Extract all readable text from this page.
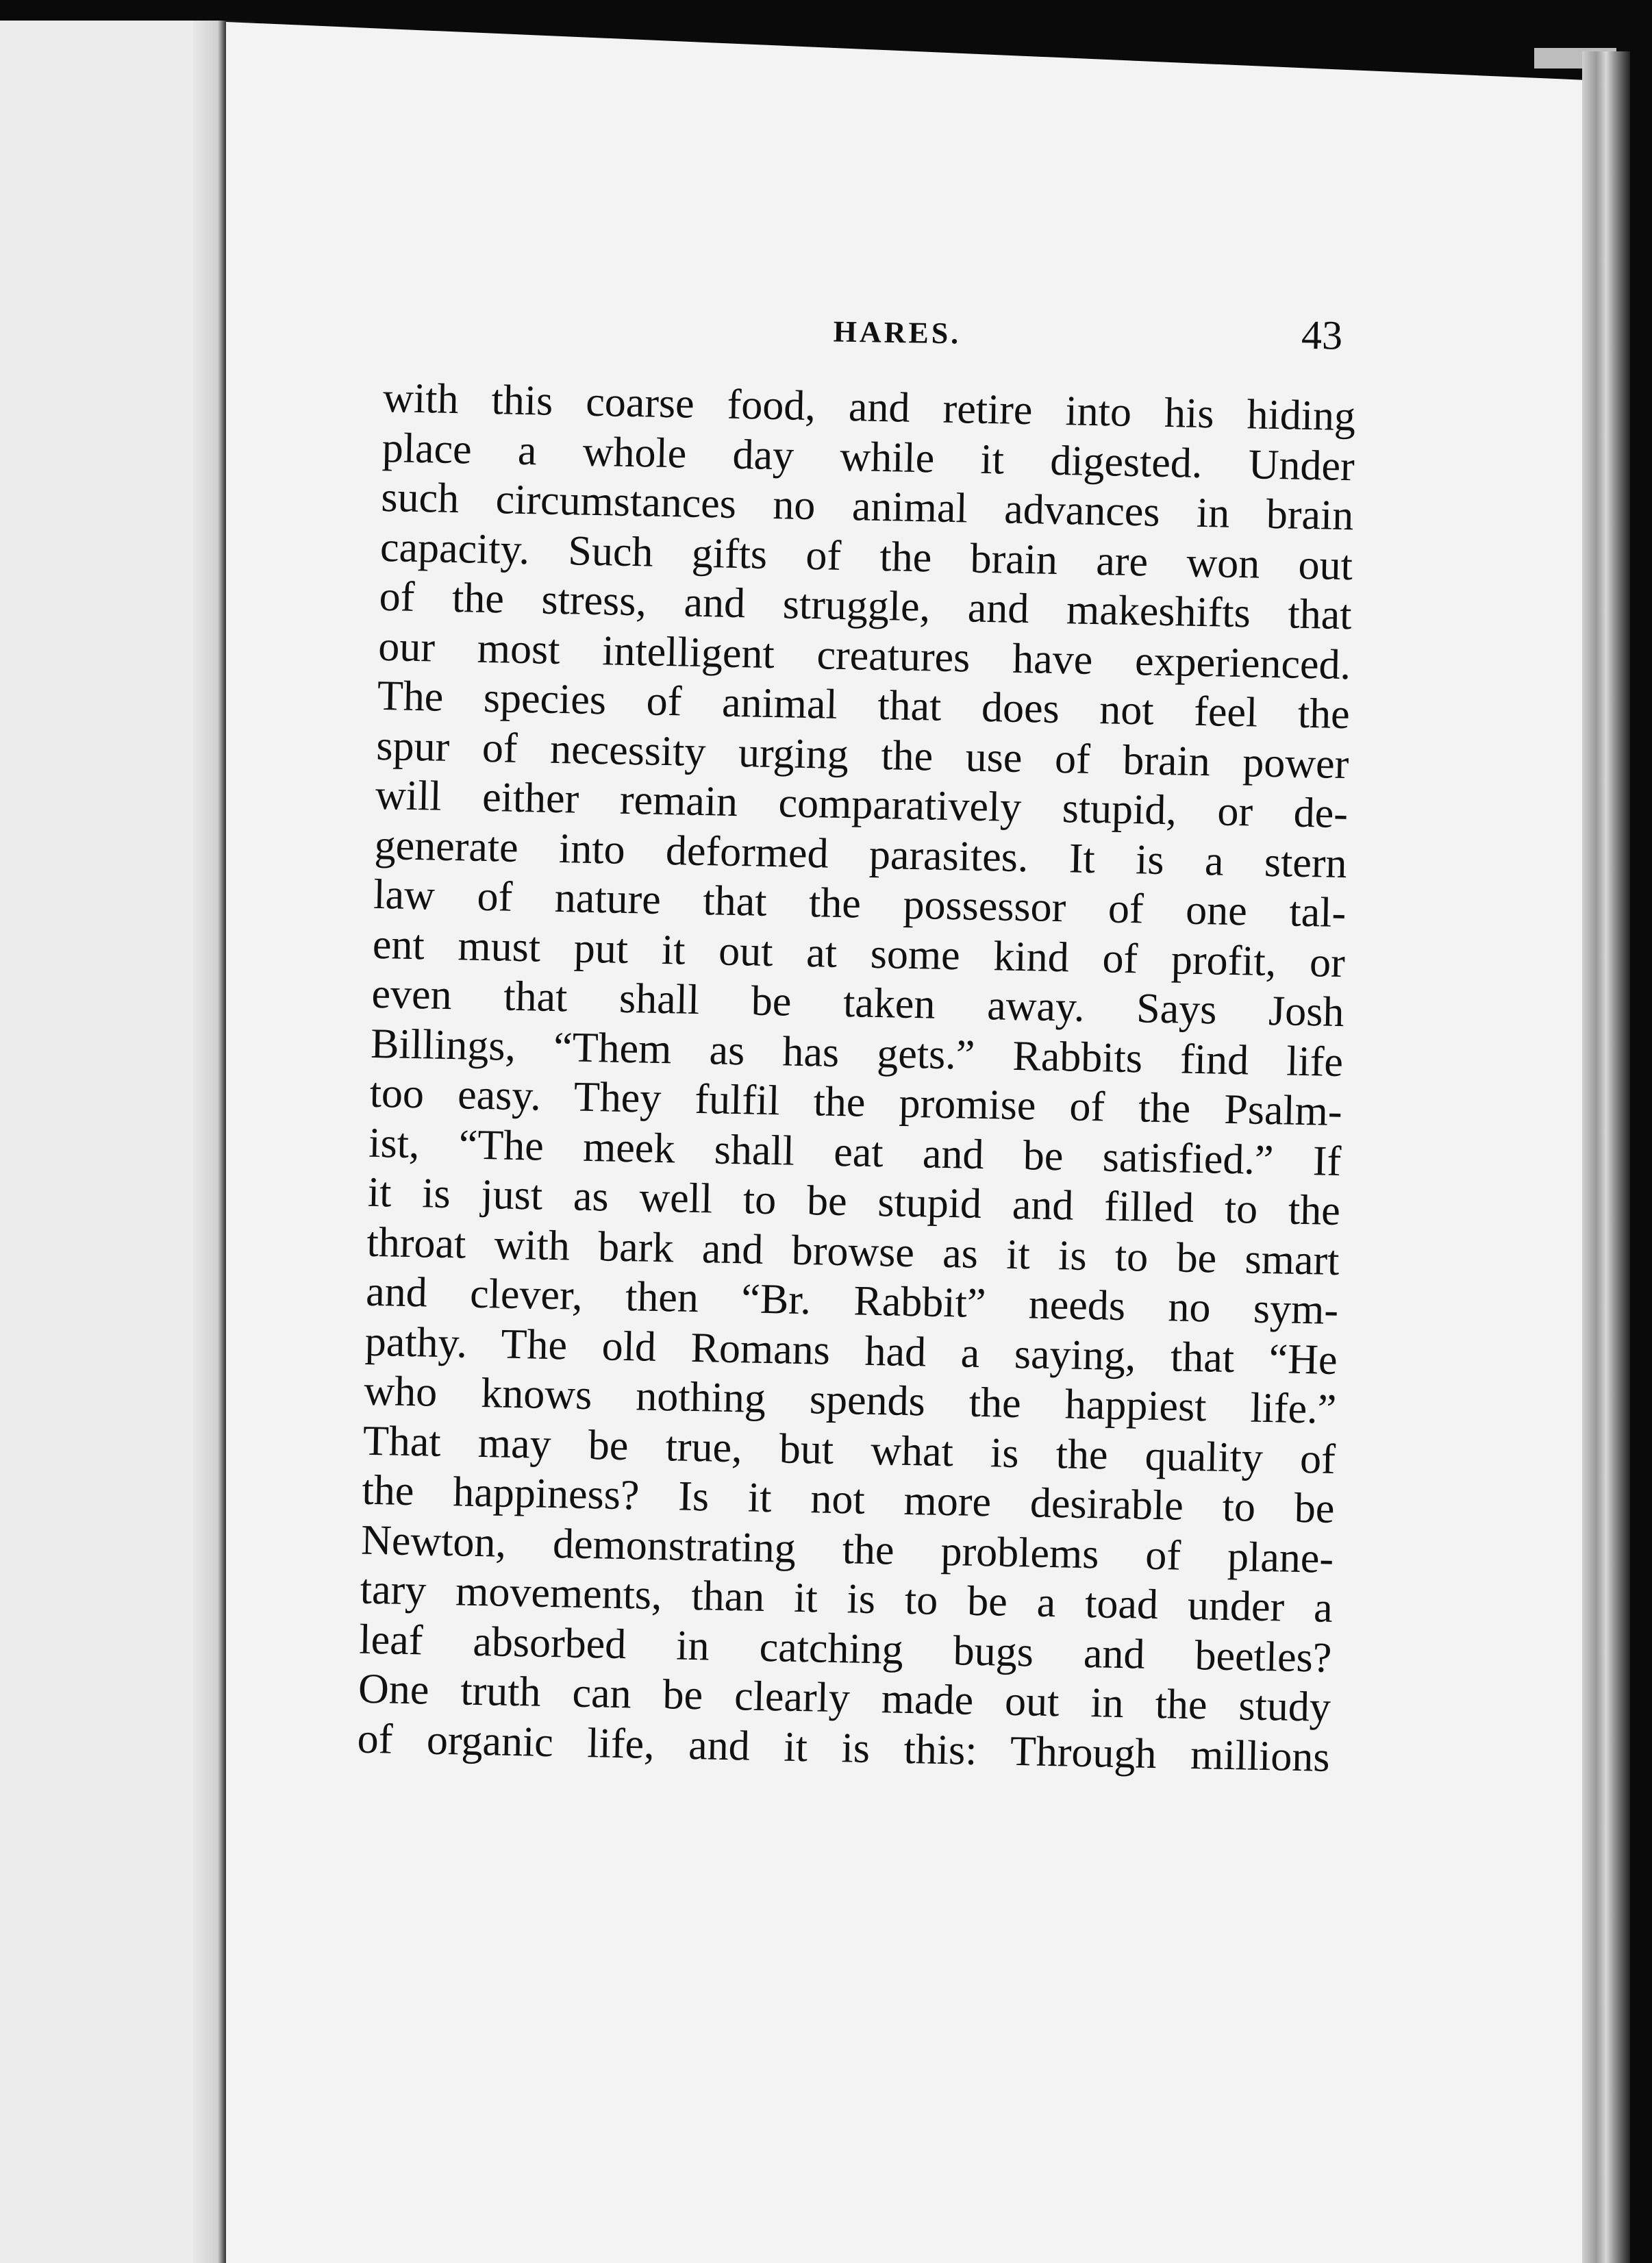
HARES.	43
with this coarse food, and retire into his hiding
place a whole day while it digested. Under
such circumstances no animal advances in brain
capacity. Such gifts of the brain are won out
of the stress, and struggle, and makeshifts that
our most intelligent creatures have experienced.
The species of animal that does not feel the
spur of necessity urging the use of brain power
will either remain comparatively stupid, or de-
generate into deformed parasites. It is a stern
law of nature that the possessor of one tal-
ent must put it out at some kind of profit, or
even that shall be taken away. Says Josh
Billings, “Them as has gets.” Rabbits find life
too easy. They fulfil the promise of the Psalm-
ist, “The meek shall eat and be satisfied.” If
it is just as well to be stupid and filled to the
throat with bark and browse as it is to be smart
and clever, then “Br. Rabbit” needs no sym-
pathy. The old Romans had a saying, that “He
who knows nothing spends the happiest life.”
That may be true, but what is the quality of
the happiness? Is it not more desirable to be
Newton, demonstrating the problems of plane-
tary movements, than it is to be a toad under a
leaf absorbed in catching bugs and beetles?
One truth can be clearly made out in the study
of organic life, and it is this: Through millions
